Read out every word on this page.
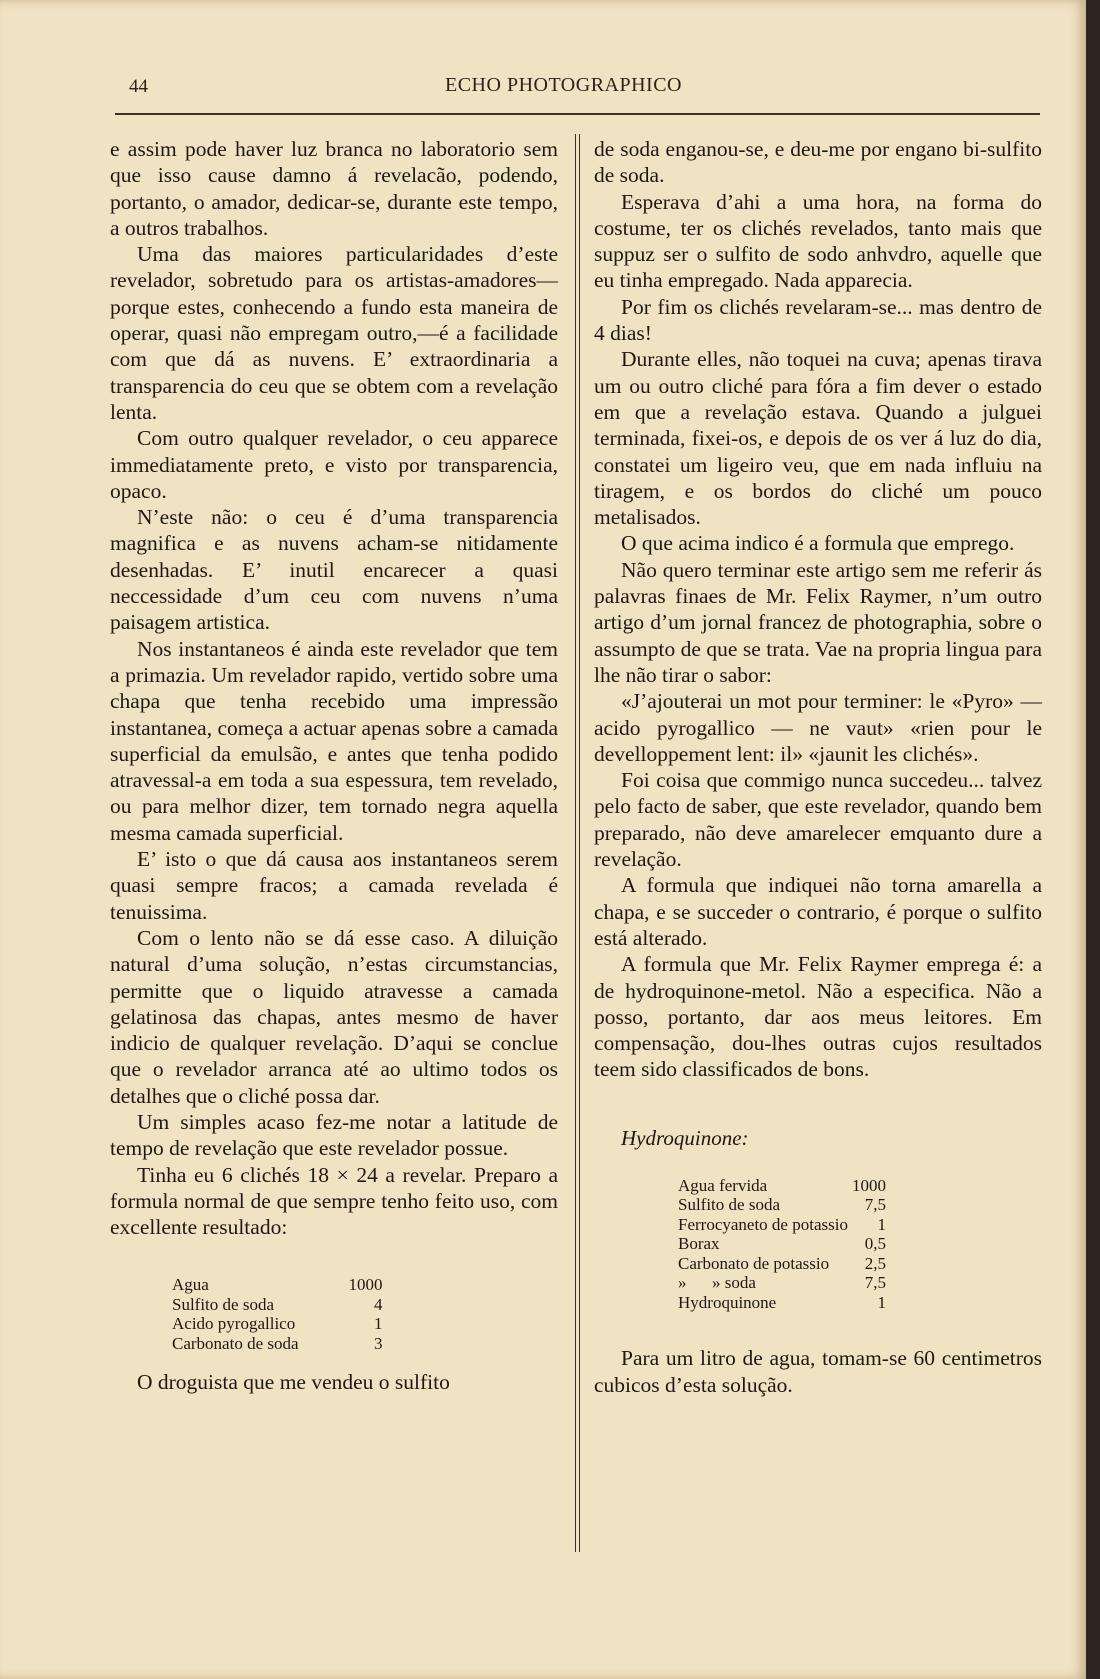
44	ECHO PHOTOGRAPHICO

e assim pode haver luz branca no laboratorio sem que isso cause damno á revelacão, podendo, portanto, o amador, dedicar-se, durante este tempo, a outros trabalhos.

Uma das maiores particularidades d’este revelador, sobretudo para os artistas-amadores—porque estes, conhecendo a fundo esta maneira de operar, quasi não empregam outro,—é a facilidade com que dá as nuvens. E’ extraordinaria a transparencia do ceu que se obtem com a revelação lenta.

Com outro qualquer revelador, o ceu apparece immediatamente preto, e visto por transparencia, opaco.

N’este não: o ceu é d’uma transparencia magnifica e as nuvens acham-se nitidamente desenhadas. E’ inutil encarecer a quasi neccessidade d’um ceu com nuvens n’uma paisagem artistica.

Nos instantaneos é ainda este revelador que tem a primazia. Um revelador rapido, vertido sobre uma chapa que tenha recebido uma impressão instantanea, começa a actuar apenas sobre a camada superficial da emulsão, e antes que tenha podido atravessal-a em toda a sua espessura, tem revelado, ou para melhor dizer, tem tornado negra aquella mesma camada superficial.

E’ isto o que dá causa aos instantaneos serem quasi sempre fracos; a camada revelada é tenuissima.

Com o lento não se dá esse caso. A diluição natural d’uma solução, n’estas circumstancias, permitte que o liquido atravesse a camada gelatinosa das chapas, antes mesmo de haver indicio de qualquer revelação. D’aqui se conclue que o revelador arranca até ao ultimo todos os detalhes que o cliché possa dar.

Um simples acaso fez-me notar a latitude de tempo de revelação que este revelador possue.

Tinha eu 6 clichés 18 × 24 a revelar. Preparo a formula normal de que sempre tenho feito uso, com excellente resultado:

Agua	1000
Sulfito de soda	4
Acido pyrogallico	1
Carbonato de soda	3

O droguista que me vendeu o sulfito

de soda enganou-se, e deu-me por engano bi-sulfito de soda.

Esperava d’ahi a uma hora, na forma do costume, ter os clichés revelados, tanto mais que suppuz ser o sulfito de sodo anhvdro, aquelle que eu tinha empregado. Nada apparecia.

Por fim os clichés revelaram-se... mas dentro de 4 dias!

Durante elles, não toquei na cuva; apenas tirava um ou outro cliché para fóra a fim dever o estado em que a revelação estava. Quando a julguei terminada, fixei-os, e depois de os ver á luz do dia, constatei um ligeiro veu, que em nada influiu na tiragem, e os bordos do cliché um pouco metalisados.

O que acima indico é a formula que emprego.

Não quero terminar este artigo sem me referir ás palavras finaes de Mr. Felix Raymer, n’um outro artigo d’um jornal francez de photographia, sobre o assumpto de que se trata. Vae na propria lingua para lhe não tirar o sabor:

«J’ajouterai un mot pour terminer: le «Pyro» — acido pyrogallico — ne vaut» «rien pour le develloppement lent: il» «jaunit les clichés».

Foi coisa que commigo nunca succedeu... talvez pelo facto de saber, que este revelador, quando bem preparado, não deve amarelecer emquanto dure a revelação.

A formula que indiquei não torna amarella a chapa, e se succeder o contrario, é porque o sulfito está alterado.

A formula que Mr. Felix Raymer emprega é: a de hydroquinone-metol. Não a especifica. Não a posso, portanto, dar aos meus leitores. Em compensação, dou-lhes outras cujos resultados teem sido classificados de bons.

Hydroquinone:
Agua fervida	1000
Sulfito de soda	7,5
Ferrocyaneto de potassio	1
Borax	0,5
Carbonato de potassio	2,5
»      » soda	7,5
Hydroquinone	1

Para um litro de agua, tomam-se 60 centimetros cubicos d’esta solução.
